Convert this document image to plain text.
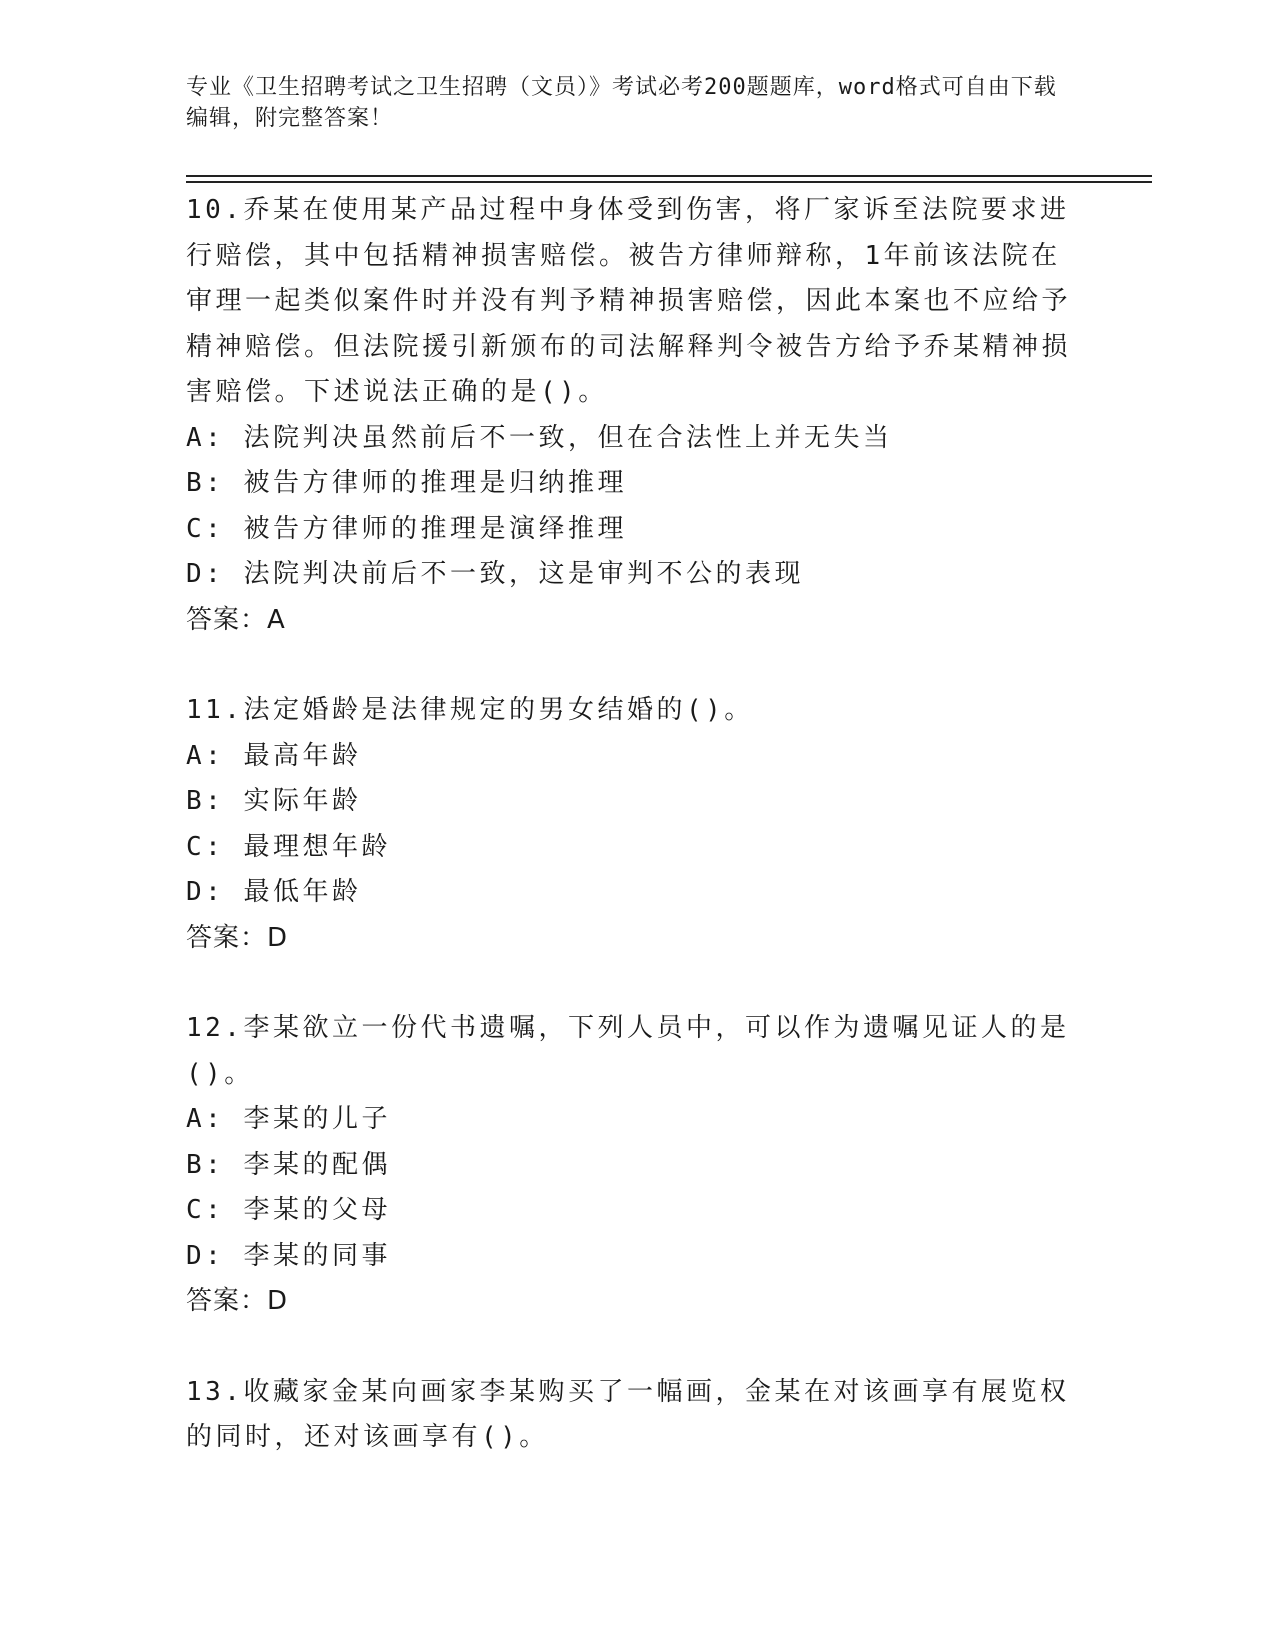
专业《卫生招聘考试之卫生招聘（文员）》考试必考200题题库，word格式可自由下载编辑，附完整答案！

10.乔某在使用某产品过程中身体受到伤害，将厂家诉至法院要求进行赔偿，其中包括精神损害赔偿。被告方律师辩称，1年前该法院在审理一起类似案件时并没有判予精神损害赔偿，因此本案也不应给予精神赔偿。但法院援引新颁布的司法解释判令被告方给予乔某精神损害赔偿。下述说法正确的是()。

A: 法院判决虽然前后不一致，但在合法性上并无失当

B: 被告方律师的推理是归纳推理

C: 被告方律师的推理是演绎推理

D: 法院判决前后不一致，这是审判不公的表现

答案：A

11.法定婚龄是法律规定的男女结婚的()。

A: 最高年龄

B: 实际年龄

C: 最理想年龄

D: 最低年龄

答案：D

12.李某欲立一份代书遗嘱，下列人员中，可以作为遗嘱见证人的是()。

A: 李某的儿子

B: 李某的配偶

C: 李某的父母

D: 李某的同事

答案：D

13.收藏家金某向画家李某购买了一幅画，金某在对该画享有展览权的同时，还对该画享有()。
